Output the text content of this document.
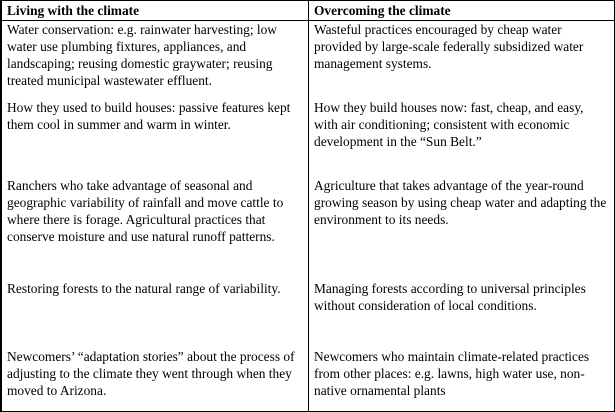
Living with the climate	Overcoming the climate
Water conservation: e.g. rainwater harvesting; low water use plumbing fixtures, appliances, and landscaping; reusing domestic graywater; reusing treated municipal wastewater effluent.	Wasteful practices encouraged by cheap water provided by large-scale federally subsidized water management systems.
How they used to build houses: passive features kept them cool in summer and warm in winter.	How they build houses now: fast, cheap, and easy, with air conditioning; consistent with economic development in the “Sun Belt.”
Ranchers who take advantage of seasonal and geographic variability of rainfall and move cattle to where there is forage. Agricultural practices that conserve moisture and use natural runoff patterns.	Agriculture that takes advantage of the year-round growing season by using cheap water and adapting the environment to its needs.
Restoring forests to the natural range of variability.	Managing forests according to universal principles without consideration of local conditions.
Newcomers’ “adaptation stories” about the process of adjusting to the climate they went through when they moved to Arizona.	Newcomers who maintain climate-related practices from other places: e.g. lawns, high water use, non-native ornamental plants
